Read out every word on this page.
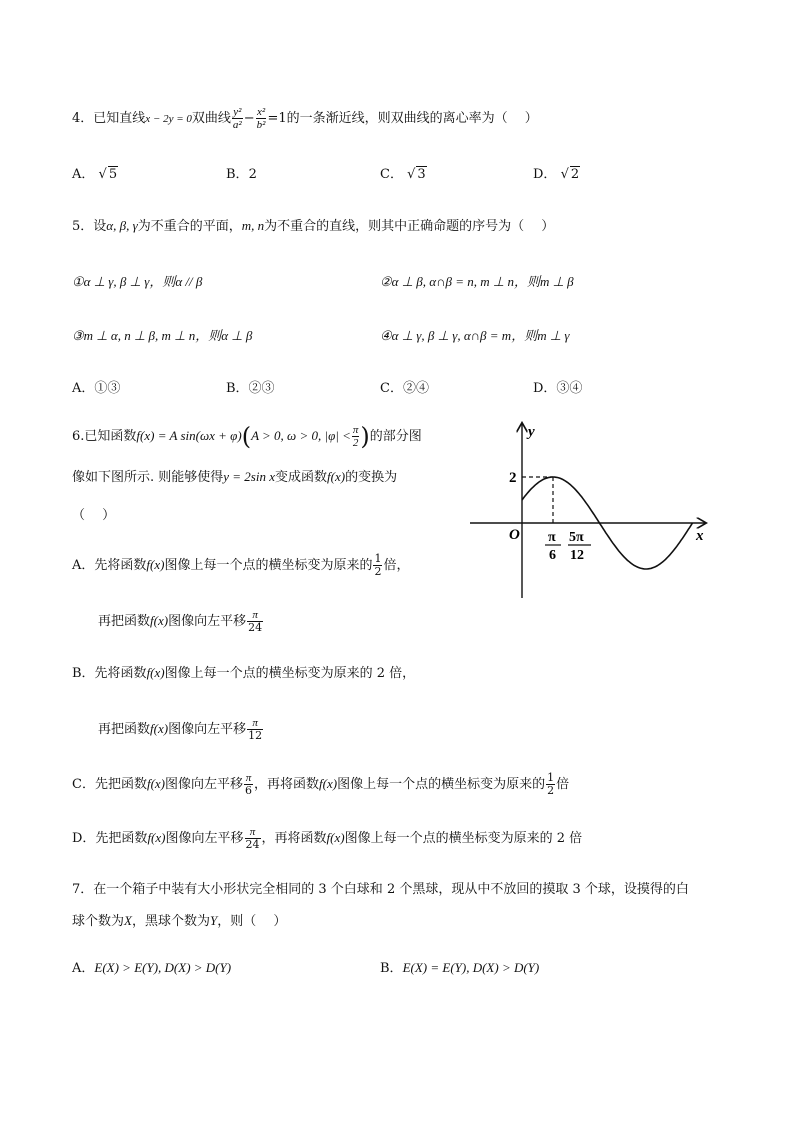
4．已知直线x − 2y = 0双曲线 $\frac{\text{y²}}{\text{a²}} - \frac{\text{x²}}{\text{b²}} =1$的一条渐近线，则双曲线的离心率为（　 ）
A． √ 5	B．2	C． √ 3	D． √ 2
5．设α, β, γ为不重合的平面，m, n为不重合的直线，则其中正确命题的序号为（　 ）
①α ⊥ γ, β ⊥ γ，则α // β	②α ⊥ β, α∩β = n, m ⊥ n，则m ⊥ β
③m ⊥ α, n ⊥ β, m ⊥ n，则α ⊥ β	④α ⊥ γ, β ⊥ γ, α∩β = m，则m ⊥ γ
A．①③	B．②③	C．②④	D．③④
6.已知函数f(x) = A sin(ωx + φ)(A > 0, ω > 0, $|\varphi| < \frac{\pi}{2}$ )的部分图
像如下图所示. 则能够使得y = 2sin x变成函数f(x)的变换为
（　 ）
A．先将函数f(x)图像上每一个点的横坐标变为原来的 $\frac{1}{2}$ 倍，
再把函数f(x)图像向左平移 $\frac{\pi}{24}$
B．先将函数f(x)图像上每一个点的横坐标变为原来的 2 倍，
再把函数f(x)图像向左平移 $\frac{\pi}{12}$
C．先把函数f(x)图像向左平移 $\frac{\pi}{6}$ ，再将函数f(x)图像上每一个点的横坐标变为原来的 $\frac{1}{2}$ 倍
D．先把函数f(x)图像向左平移 $\frac{\pi}{24}$ ，再将函数f(x)图像上每一个点的横坐标变为原来的 2 倍
y
x
O
2
π
6
5π
12
7．在一个箱子中装有大小形状完全相同的 3 个白球和 2 个黑球，现从中不放回的摸取 3 个球，设摸得的白
球个数为X，黑球个数为Y，则（　 ）
A．E(X) > E(Y), D(X) > D(Y)	B．E(X) = E(Y), D(X) > D(Y)
